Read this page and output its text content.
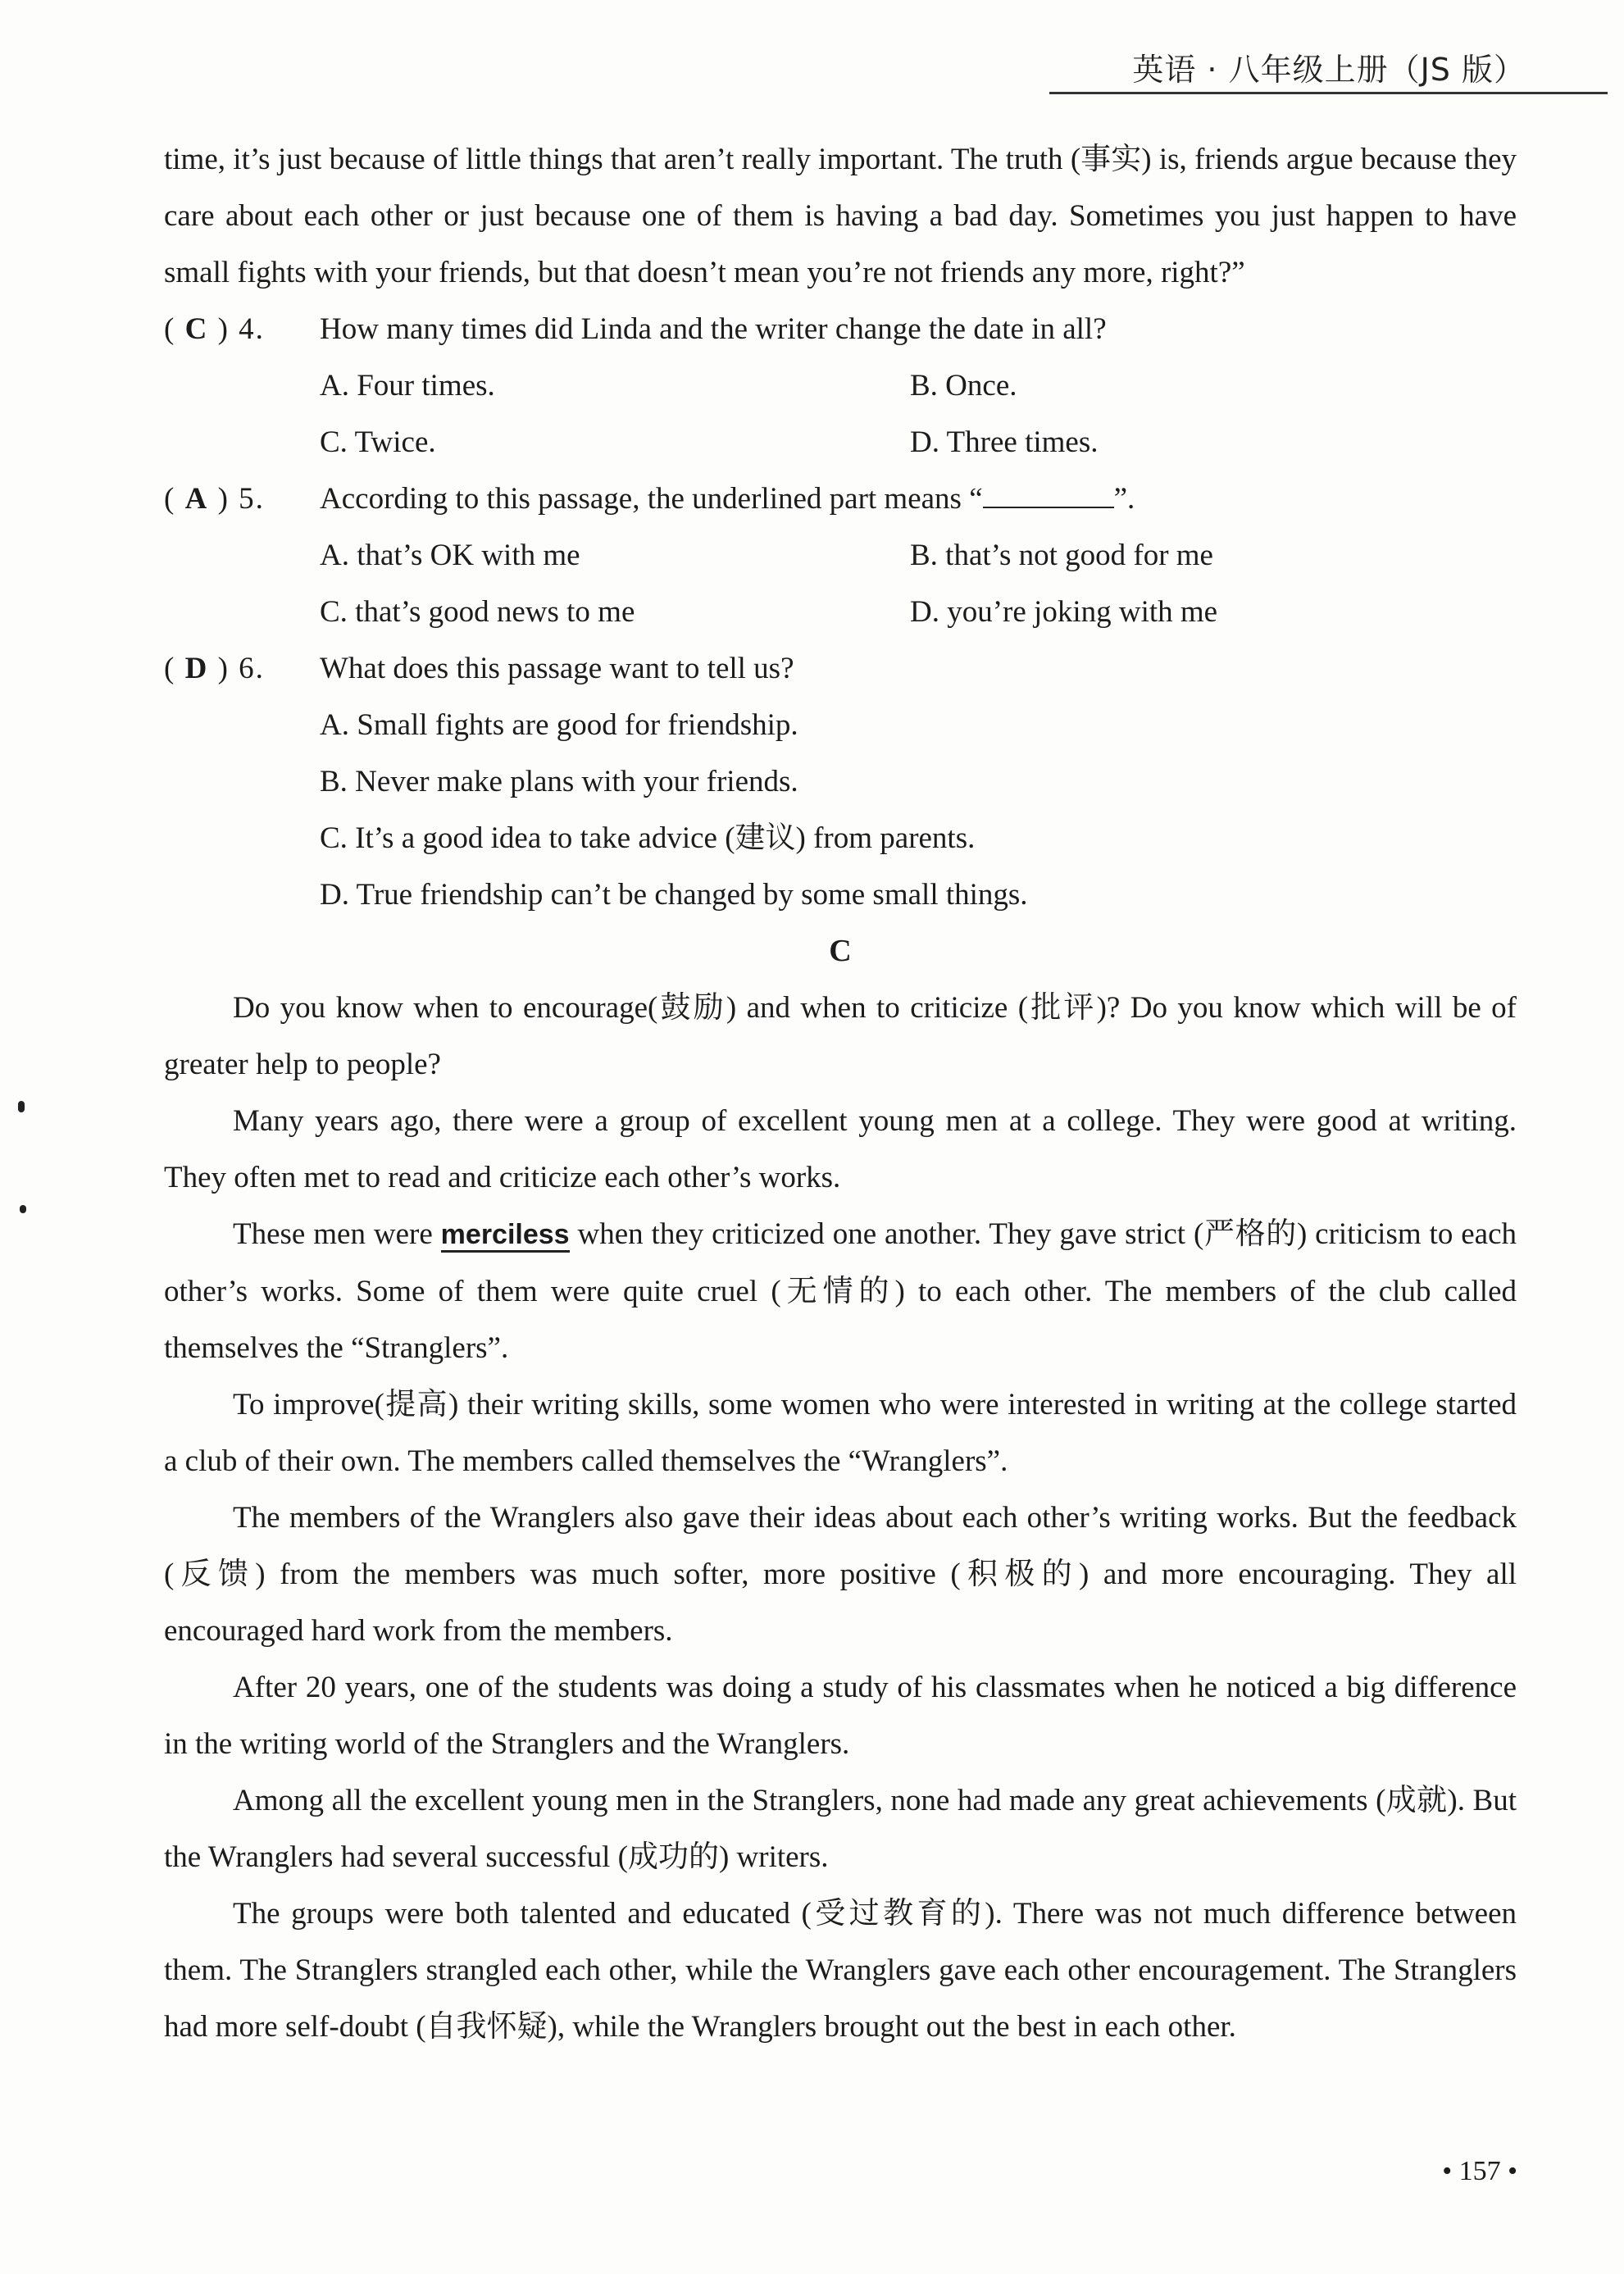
英语 · 八年级上册（JS 版）

time, it’s just because of little things that aren’t really important. The truth (事实) is, friends argue because they care about each other or just because one of them is having a bad day. Sometimes you just happen to have small fights with your friends, but that doesn’t mean you’re not friends any more, right?”

( C ) 4.	How many times did Linda and the writer change the date in all?
A. Four times.	B. Once.
C. Twice.	D. Three times.
( A ) 5.	According to this passage, the underlined part means “	”.
A. that’s OK with me	B. that’s not good for me
C. that’s good news to me	D. you’re joking with me
( D ) 6.	What does this passage want to tell us?
A. Small fights are good for friendship.
B. Never make plans with your friends.
C. It’s a good idea to take advice (建议) from parents.
D. True friendship can’t be changed by some small things.
C

Do you know when to encourage(鼓励) and when to criticize (批评)? Do you know which will be of greater help to people?

Many years ago, there were a group of excellent young men at a college. They were good at writing. They often met to read and criticize each other’s works.

These men were merciless when they criticized one another. They gave strict (严格的) criticism to each other’s works. Some of them were quite cruel (无情的) to each other. The members of the club called themselves the “Stranglers”.

To improve(提高) their writing skills, some women who were interested in writing at the college started a club of their own. The members called themselves the “Wranglers”.

The members of the Wranglers also gave their ideas about each other’s writing works. But the feedback (反馈) from the members was much softer, more positive (积极的) and more encouraging. They all encouraged hard work from the members.

After 20 years, one of the students was doing a study of his classmates when he noticed a big difference in the writing world of the Stranglers and the Wranglers.

Among all the excellent young men in the Stranglers, none had made any great achievements (成就). But the Wranglers had several successful (成功的) writers.

The groups were both talented and educated (受过教育的). There was not much difference between them. The Stranglers strangled each other, while the Wranglers gave each other encouragement. The Stranglers had more self-doubt (自我怀疑), while the Wranglers brought out the best in each other.

• 157 •
